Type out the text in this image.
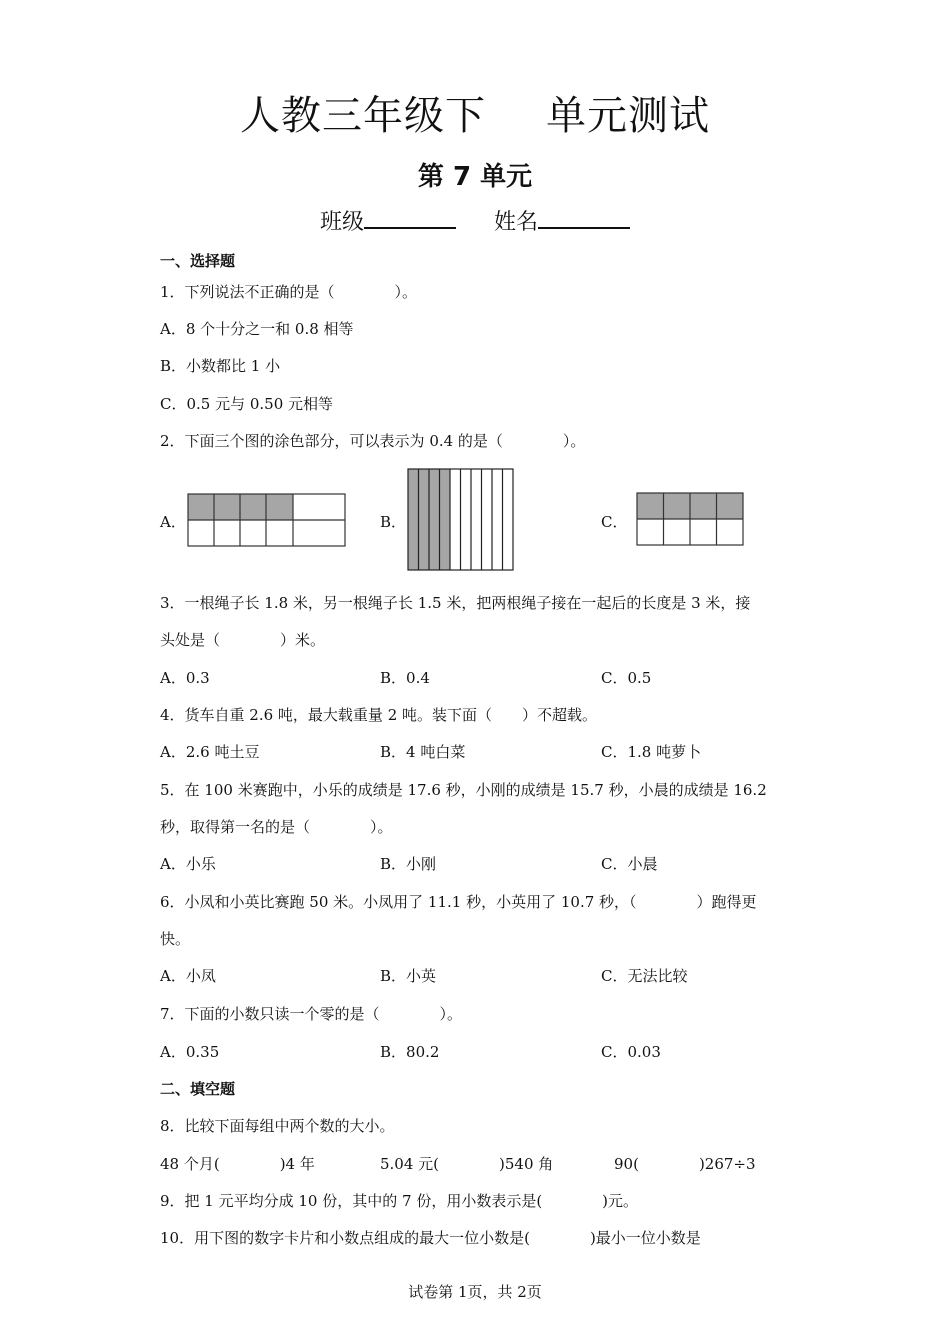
人教三年级下 单元测试
第 7 单元
班级	姓名
一、选择题
1．下列说法不正确的是（　　　　）。
A．8 个十分之一和 0.8 相等
B．小数都比 1 小
C．0.5 元与 0.50 元相等
2．下面三个图的涂色部分，可以表示为 0.4 的是（　　　　）。
A．	B．	C．
3．一根绳子长 1.8 米，另一根绳子长 1.5 米，把两根绳子接在一起后的长度是 3 米，接
头处是（　　　　）米。
A．0.3	B．0.4	C．0.5
4．货车自重 2.6 吨，最大载重量 2 吨。装下面（　　）不超载。
A．2.6 吨土豆	B．4 吨白菜	C．1.8 吨萝卜
5．在 100 米赛跑中，小乐的成绩是 17.6 秒，小刚的成绩是 15.7 秒，小晨的成绩是 16.2
秒，取得第一名的是（　　　　）。
A．小乐	B．小刚	C．小晨
6．小凤和小英比赛跑 50 米。小凤用了 11.1 秒，小英用了 10.7 秒，（　　　　）跑得更
快。
A．小凤	B．小英	C．无法比较
7．下面的小数只读一个零的是（　　　　）。
A．0.35	B．80.2	C．0.03
二、填空题
8．比较下面每组中两个数的大小。
48 个月(　　　　)4 年	5.04 元(　　　　)540 角	90(　　　　)267÷3
9．把 1 元平均分成 10 份，其中的 7 份，用小数表示是(　　　　)元。
10．用下图的数字卡片和小数点组成的最大一位小数是(　　　　)最小一位小数是
试卷第 1页，共 2页
